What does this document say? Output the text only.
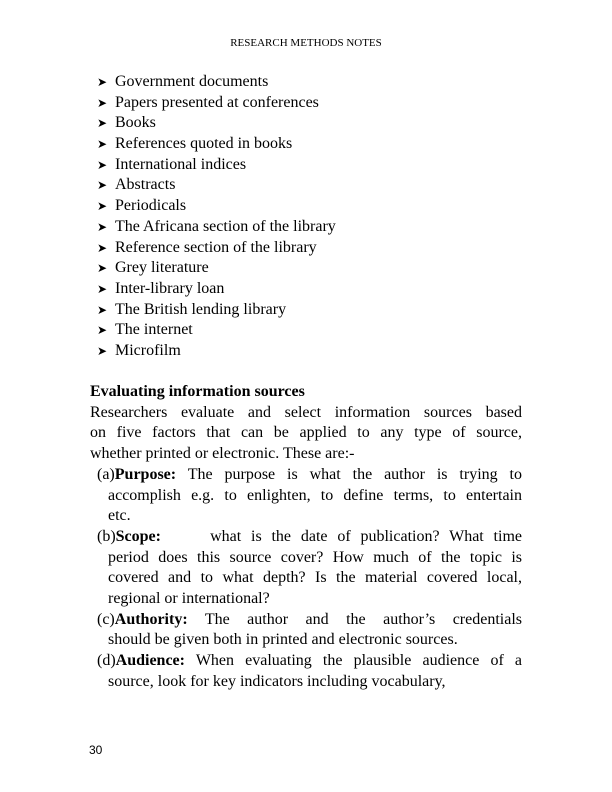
RESEARCH METHODS NOTES
➤ Government documents
➤ Papers presented at conferences
➤ Books
➤ References quoted in books
➤ International indices
➤ Abstracts
➤ Periodicals
➤ The Africana section of the library
➤ Reference section of the library
➤ Grey literature
➤ Inter-library loan
➤ The British lending library
➤ The internet
➤ Microfilm
Evaluating information sources
Researchers evaluate and select information sources based
on five factors that can be applied to any type of source,
whether printed or electronic. These are:-
(a)Purpose: The purpose is what the author is trying to
accomplish e.g. to enlighten, to define terms, to entertain
etc.
(b)Scope:     what is the date of publication? What time
period does this source cover? How much of the topic is
covered and to what depth? Is the material covered local,
regional or international?
(c)Authority: The author and the author’s credentials
should be given both in printed and electronic sources.
(d)Audience: When evaluating the plausible audience of a
source, look for key indicators including vocabulary,
30
